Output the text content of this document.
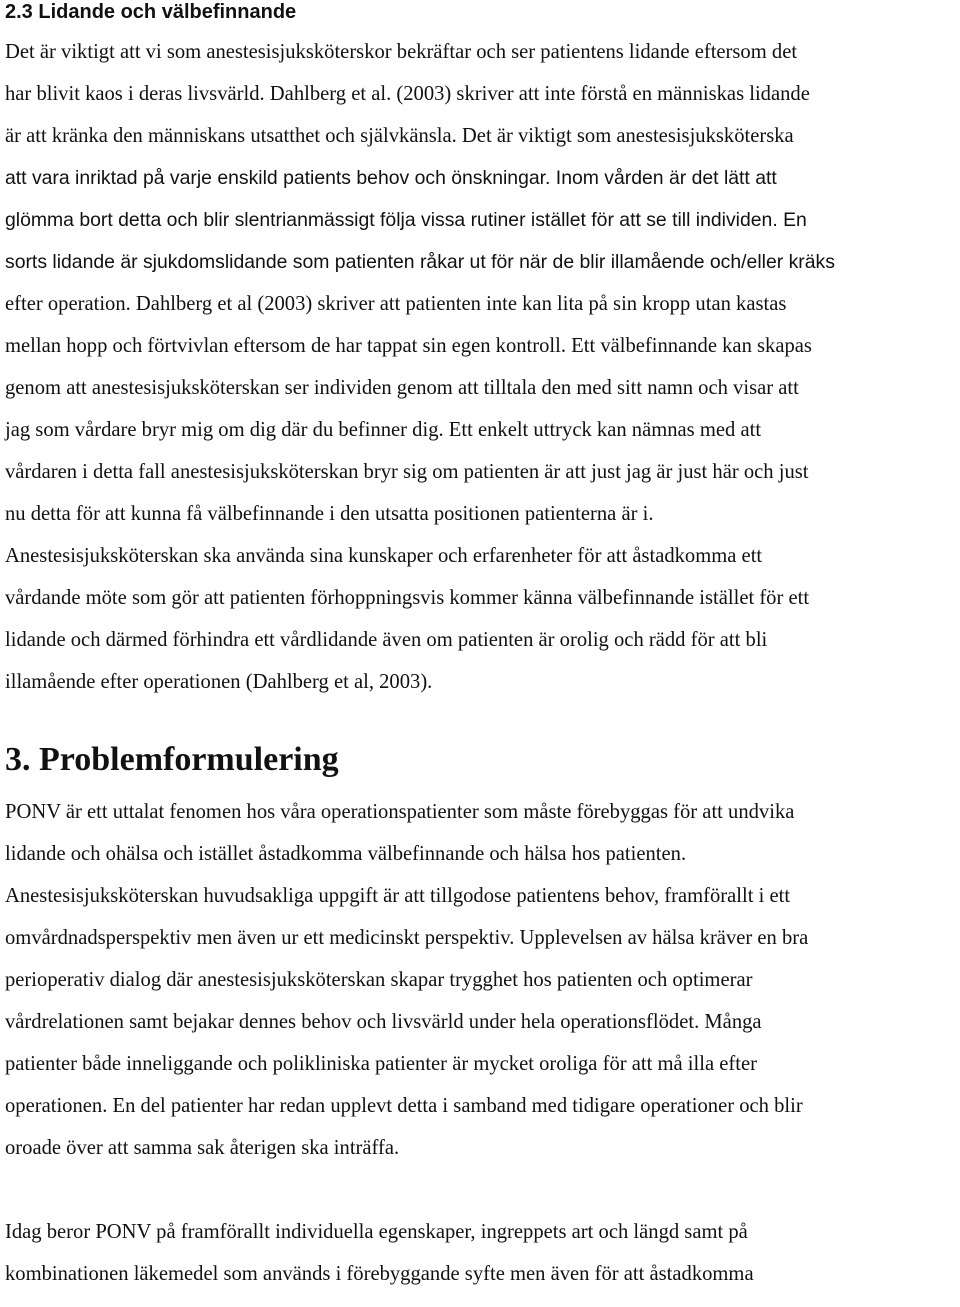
2.3 Lidande och välbefinnande
Det är viktigt att vi som anestesisjuksköterskor bekräftar och ser patientens lidande eftersom det
har blivit kaos i deras livsvärld. Dahlberg et al. (2003) skriver att inte förstå en människas lidande
är att kränka den människans utsatthet och självkänsla. Det är viktigt som anestesisjuksköterska
att vara inriktad på varje enskild patients behov och önskningar. Inom vården är det lätt att
glömma bort detta och blir slentrianmässigt följa vissa rutiner istället för att se till individen. En
sorts lidande är sjukdomslidande som patienten råkar ut för när de blir illamående och/eller kräks
efter operation. Dahlberg et al (2003) skriver att patienten inte kan lita på sin kropp utan kastas
mellan hopp och förtvivlan eftersom de har tappat sin egen kontroll. Ett välbefinnande kan skapas
genom att anestesisjuksköterskan ser individen genom att tilltala den med sitt namn och visar att
jag som vårdare bryr mig om dig där du befinner dig. Ett enkelt uttryck kan nämnas med att
vårdaren i detta fall anestesisjuksköterskan bryr sig om patienten är att just jag är just här och just
nu detta för att kunna få välbefinnande i den utsatta positionen patienterna är i.
Anestesisjuksköterskan ska använda sina kunskaper och erfarenheter för att åstadkomma ett
vårdande möte som gör att patienten förhoppningsvis kommer känna välbefinnande istället för ett
lidande och därmed förhindra ett vårdlidande även om patienten är orolig och rädd för att bli
illamående efter operationen (Dahlberg et al, 2003).
3. Problemformulering
PONV är ett uttalat fenomen hos våra operationspatienter som måste förebyggas för att undvika
lidande och ohälsa och istället åstadkomma välbefinnande och hälsa hos patienten.
Anestesisjuksköterskan huvudsakliga uppgift är att tillgodose patientens behov, framförallt i ett
omvårdnadsperspektiv men även ur ett medicinskt perspektiv. Upplevelsen av hälsa kräver en bra
perioperativ dialog där anestesisjuksköterskan skapar trygghet hos patienten och optimerar
vårdrelationen samt bejakar dennes behov och livsvärld under hela operationsflödet. Många
patienter både inneliggande och polikliniska patienter är mycket oroliga för att må illa efter
operationen. En del patienter har redan upplevt detta i samband med tidigare operationer och blir
oroade över att samma sak återigen ska inträffa.
Idag beror PONV på framförallt individuella egenskaper, ingreppets art och längd samt på
kombinationen läkemedel som används i förebyggande syfte men även för att åstadkomma
